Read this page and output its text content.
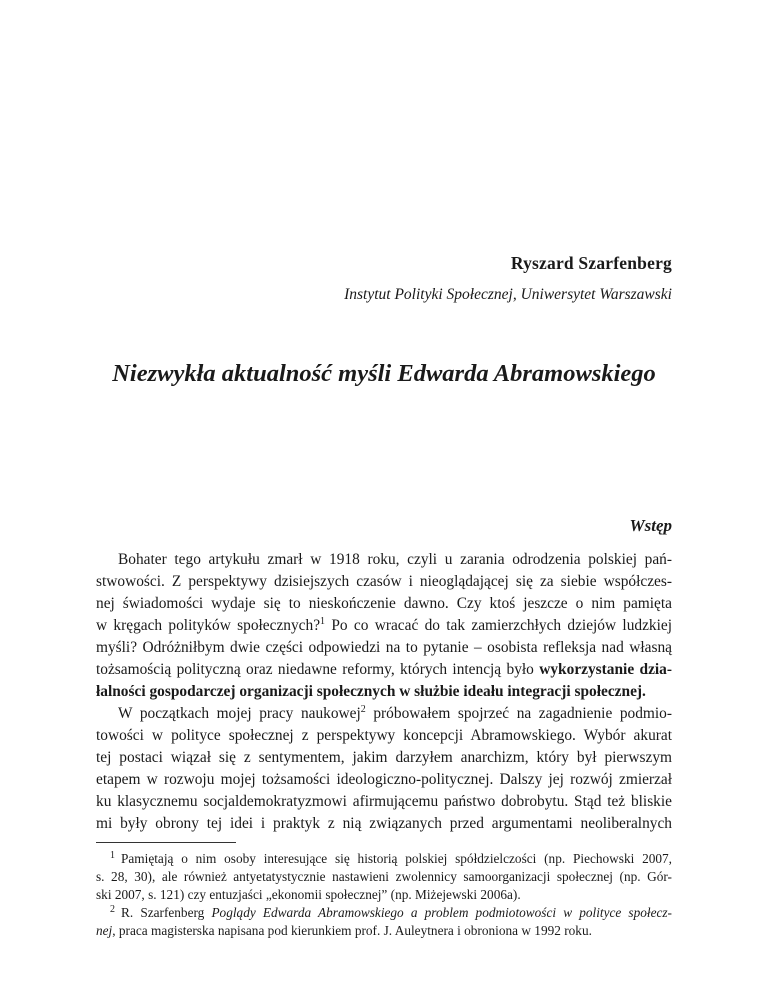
Ryszard Szarfenberg
Instytut Polityki Społecznej, Uniwersytet Warszawski
Niezwykła aktualność myśli Edwarda Abramowskiego
Wstęp
Bohater tego artykułu zmarł w 1918 roku, czyli u zarania odrodzenia polskiej pań-
stwowości. Z perspektywy dzisiejszych czasów i nieoglądającej się za siebie współczes-
nej świadomości wydaje się to nieskończenie dawno. Czy ktoś jeszcze o nim pamięta
w kręgach polityków społecznych?$^1$ Po co wracać do tak zamierzchłych dziejów ludzkiej
myśli? Odróżniłbym dwie części odpowiedzi na to pytanie – osobista refleksja nad własną
tożsamością polityczną oraz niedawne reformy, których intencją było wykorzystanie dzia-
łalności gospodarczej organizacji społecznych w służbie ideału integracji społecznej.
W początkach mojej pracy naukowej$^2$ próbowałem spojrzeć na zagadnienie podmio-
towości w polityce społecznej z perspektywy koncepcji Abramowskiego. Wybór akurat
tej postaci wiązał się z sentymentem, jakim darzyłem anarchizm, który był pierwszym
etapem w rozwoju mojej tożsamości ideologiczno-politycznej. Dalszy jej rozwój zmierzał
ku klasycznemu socjaldemokratyzmowi afirmującemu państwo dobrobytu. Stąd też bliskie
mi były obrony tej idei i praktyk z nią związanych przed argumentami neoliberalnych
$^1$ Pamiętają o nim osoby interesujące się historią polskiej spółdzielczości (np. Piechowski 2007,
s. 28, 30), ale również antyetatystycznie nastawieni zwolennicy samoorganizacji społecznej (np. Gór-
ski 2007, s. 121) czy entuzjaści „ekonomii społecznej” (np. Miżejewski 2006a).
$^2$ R. Szarfenberg Poglądy Edwarda Abramowskiego a problem podmiotowości w polityce społecz-
nej, praca magisterska napisana pod kierunkiem prof. J. Auleytnera i obroniona w 1992 roku.
